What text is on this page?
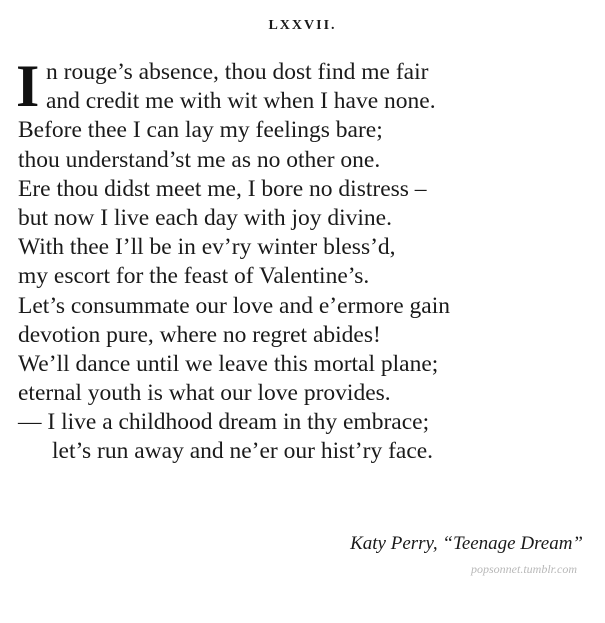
LXXVII.
I n rouge’s absence, thou dost find me fair
and credit me with wit when I have none.
Before thee I can lay my feelings bare;
thou understand’st me as no other one.
Ere thou didst meet me, I bore no distress –
but now I live each day with joy divine.
With thee I’ll be in ev’ry winter bless’d,
my escort for the feast of Valentine’s.
Let’s consummate our love and e’ermore gain
devotion pure, where no regret abides!
We’ll dance until we leave this mortal plane;
eternal youth is what our love provides.
— I live a childhood dream in thy embrace;
let’s run away and ne’er our hist’ry face.
Katy Perry, “Teenage Dream”
popsonnet.tumblr.com
